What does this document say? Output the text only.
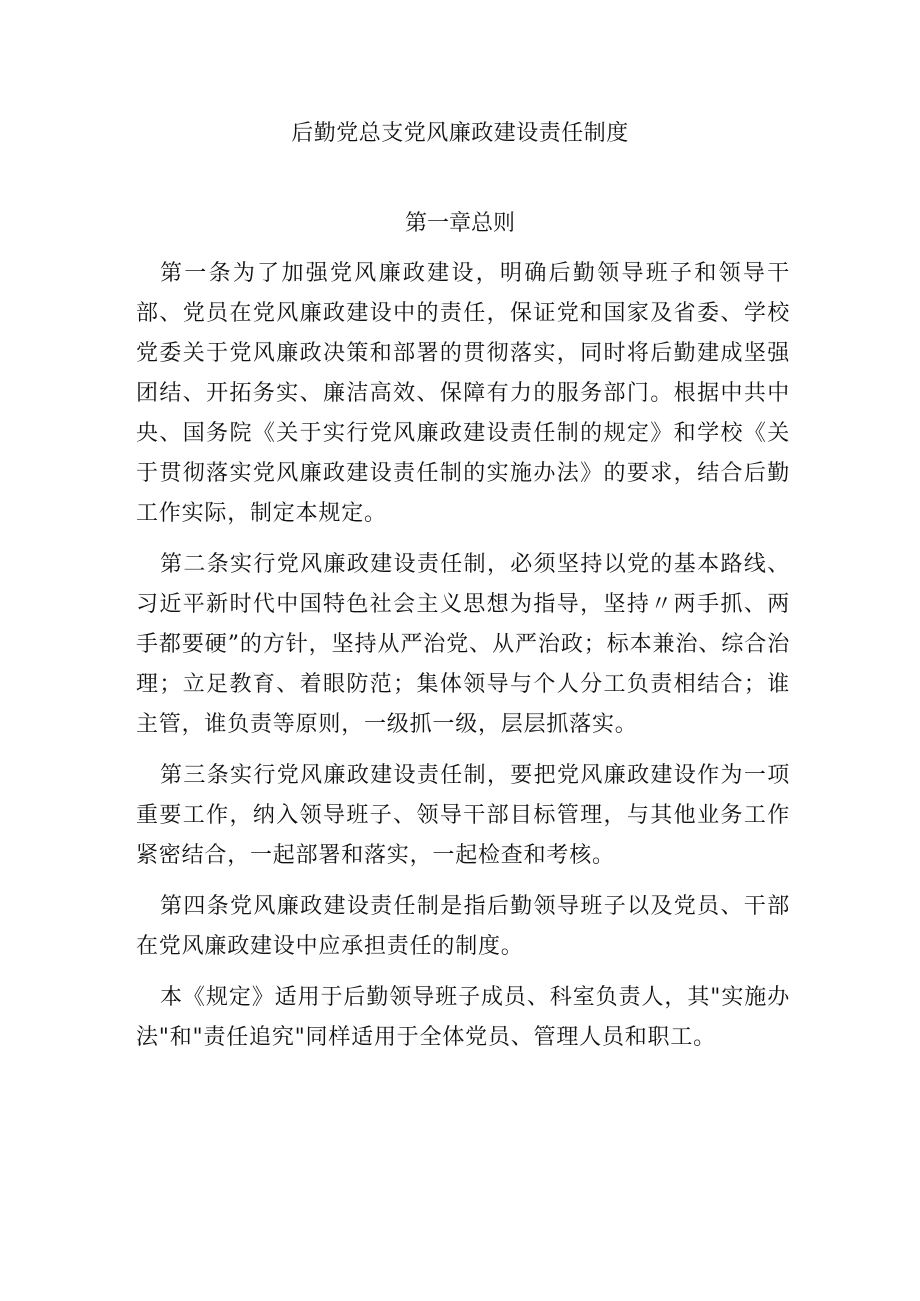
后勤党总支党风廉政建设责任制度
第一章总则

第一条为了加强党风廉政建设，明确后勤领导班子和领导干部、党员在党风廉政建设中的责任，保证党和国家及省委、学校党委关于党风廉政决策和部署的贯彻落实，同时将后勤建成坚强团结、开拓务实、廉洁高效、保障有力的服务部门。根据中共中央、国务院《关于实行党风廉政建设责任制的规定》和学校《关于贯彻落实党风廉政建设责任制的实施办法》的要求，结合后勤工作实际，制定本规定。

第二条实行党风廉政建设责任制，必须坚持以党的基本路线、习近平新时代中国特色社会主义思想为指导，坚持〃两手抓、两手都要硬”的方针，坚持从严治党、从严治政；标本兼治、综合治理；立足教育、着眼防范；集体领导与个人分工负责相结合；谁主管，谁负责等原则，一级抓一级，层层抓落实。

第三条实行党风廉政建设责任制，要把党风廉政建设作为一项重要工作，纳入领导班子、领导干部目标管理，与其他业务工作紧密结合，一起部署和落实，一起检查和考核。

第四条党风廉政建设责任制是指后勤领导班子以及党员、干部在党风廉政建设中应承担责任的制度。

本《规定》适用于后勤领导班子成员、科室负责人，其"实施办法"和"责任追究"同样适用于全体党员、管理人员和职工。
